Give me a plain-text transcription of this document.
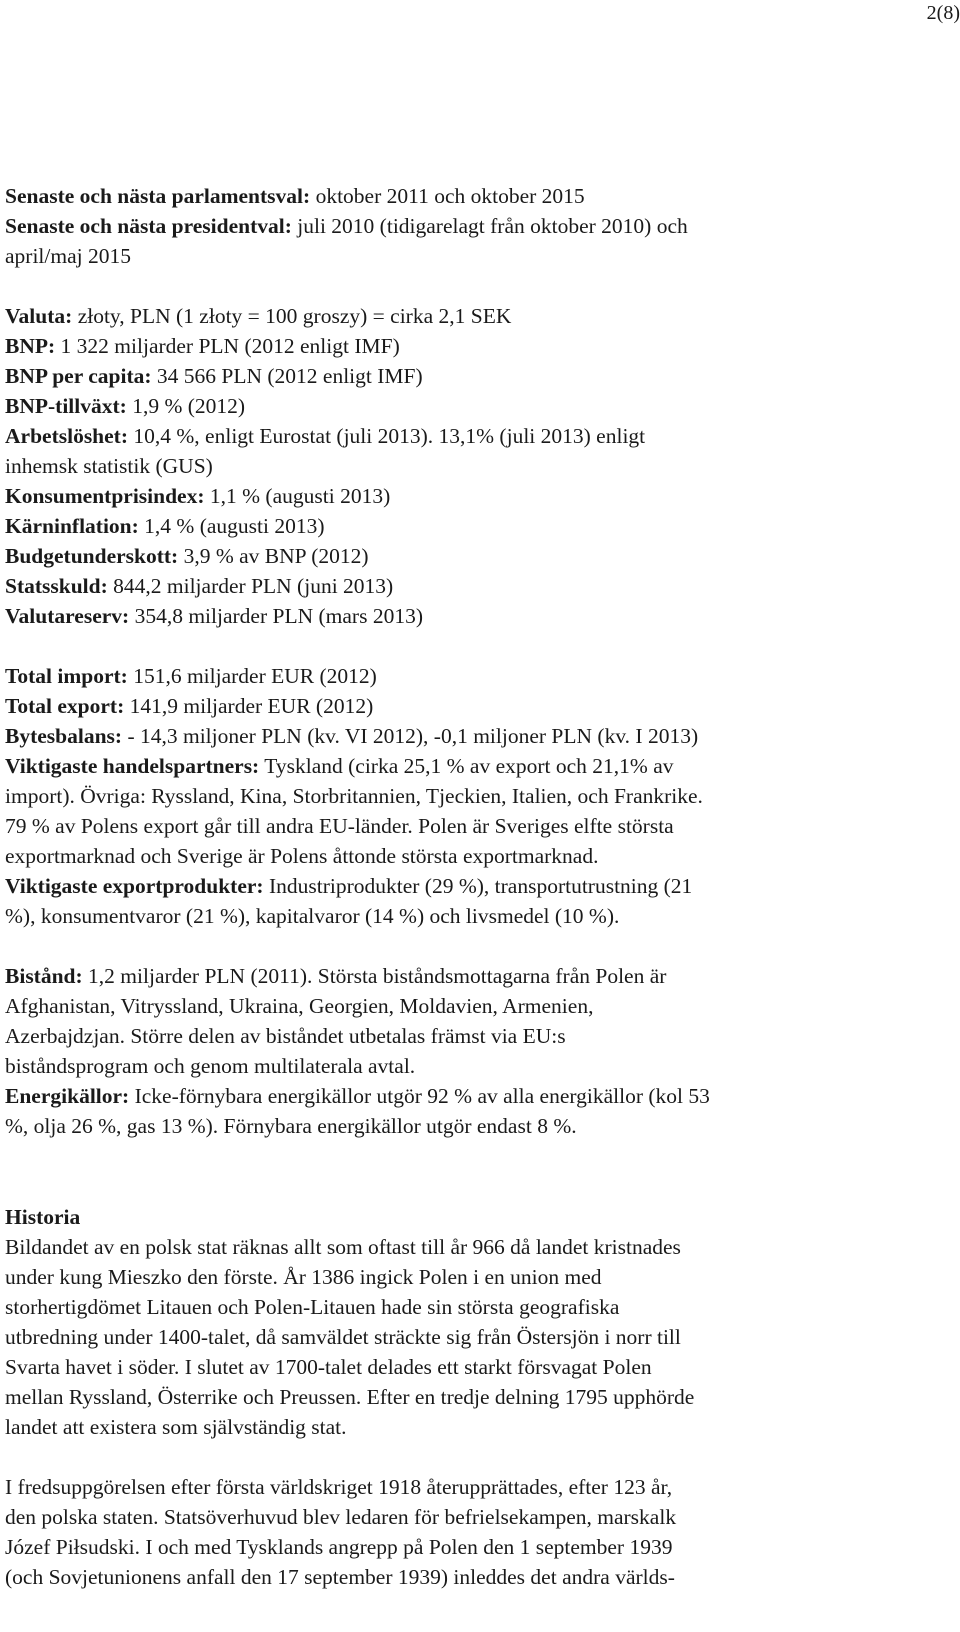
2(8)
Senaste och nästa parlamentsval: oktober 2011 och oktober 2015
Senaste och nästa presidentval: juli 2010 (tidigarelagt från oktober 2010) och
april/maj 2015
Valuta: złoty, PLN (1 złoty = 100 groszy) = cirka 2,1 SEK
BNP: 1 322 miljarder PLN (2012 enligt IMF)
BNP per capita: 34 566 PLN (2012 enligt IMF)
BNP-tillväxt: 1,9 % (2012)
Arbetslöshet: 10,4 %, enligt Eurostat (juli 2013). 13,1% (juli 2013) enligt
inhemsk statistik (GUS)
Konsumentprisindex: 1,1 % (augusti 2013)
Kärninflation: 1,4 % (augusti 2013)
Budgetunderskott: 3,9 % av BNP (2012)
Statsskuld: 844,2 miljarder PLN (juni 2013)
Valutareserv: 354,8 miljarder PLN (mars 2013)
Total import: 151,6 miljarder EUR (2012)
Total export: 141,9 miljarder EUR (2012)
Bytesbalans: - 14,3 miljoner PLN (kv. VI 2012), -0,1 miljoner PLN (kv. I 2013)
Viktigaste handelspartners: Tyskland (cirka 25,1 % av export och 21,1% av
import). Övriga: Ryssland, Kina, Storbritannien, Tjeckien, Italien, och Frankrike.
79 % av Polens export går till andra EU-länder. Polen är Sveriges elfte största
exportmarknad och Sverige är Polens åttonde största exportmarknad.
Viktigaste exportprodukter: Industriprodukter (29 %), transportutrustning (21
%), konsumentvaror (21 %), kapitalvaror (14 %) och livsmedel (10 %).
Bistånd: 1,2 miljarder PLN (2011). Största biståndsmottagarna från Polen är
Afghanistan, Vitryssland, Ukraina, Georgien, Moldavien, Armenien,
Azerbajdzjan. Större delen av biståndet utbetalas främst via EU:s
biståndsprogram och genom multilaterala avtal.
Energikällor: Icke-förnybara energikällor utgör 92 % av alla energikällor (kol 53
%, olja 26 %, gas 13 %). Förnybara energikällor utgör endast 8 %.
Historia
Bildandet av en polsk stat räknas allt som oftast till år 966 då landet kristnades
under kung Mieszko den förste. År 1386 ingick Polen i en union med
storhertigdömet Litauen och Polen-Litauen hade sin största geografiska
utbredning under 1400-talet, då samväldet sträckte sig från Östersjön i norr till
Svarta havet i söder. I slutet av 1700-talet delades ett starkt försvagat Polen
mellan Ryssland, Österrike och Preussen. Efter en tredje delning 1795 upphörde
landet att existera som självständig stat.
I fredsuppgörelsen efter första världskriget 1918 återupprättades, efter 123 år,
den polska staten. Statsöverhuvud blev ledaren för befrielsekampen, marskalk
Józef Piłsudski. I och med Tysklands angrepp på Polen den 1 september 1939
(och Sovjetunionens anfall den 17 september 1939) inleddes det andra världs-
